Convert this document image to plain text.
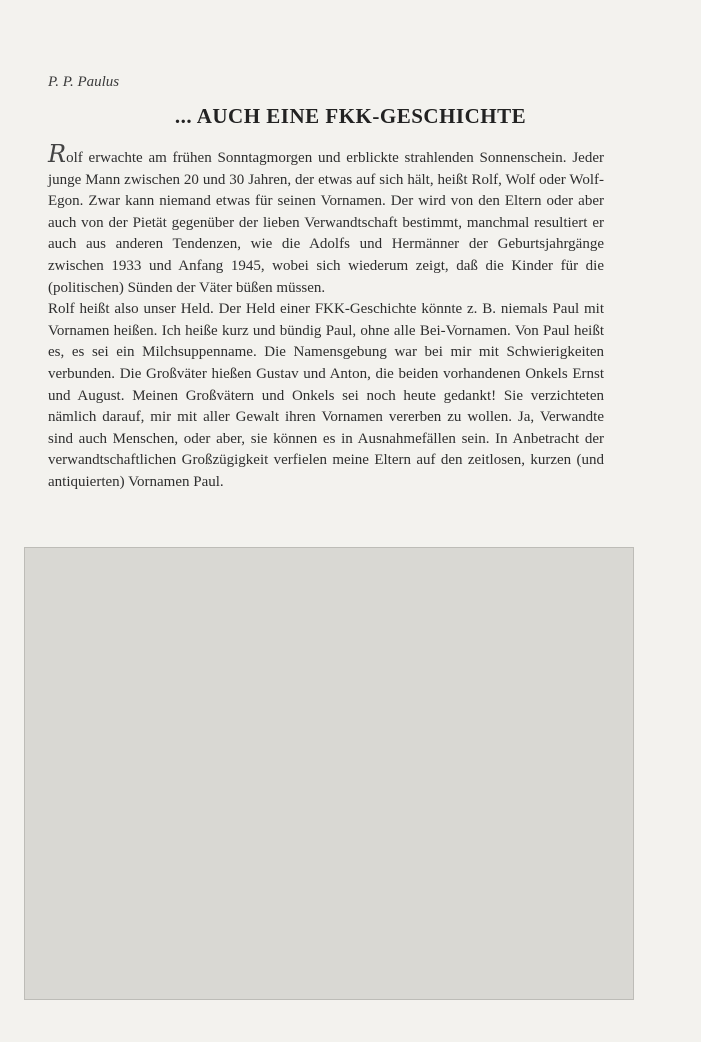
P. P. Paulus
... AUCH EINE FKK-GESCHICHTE

Rolf erwachte am frühen Sonntagmorgen und erblickte strahlenden Sonnenschein. Jeder junge Mann zwischen 20 und 30 Jahren, der etwas auf sich hält, heißt Rolf, Wolf oder Wolf-Egon. Zwar kann niemand etwas für seinen Vornamen. Der wird von den Eltern oder aber auch von der Pietät gegenüber der lieben Verwandtschaft bestimmt, manchmal resultiert er auch aus anderen Tendenzen, wie die Adolfs und Hermänner der Geburtsjahrgänge zwischen 1933 und Anfang 1945, wobei sich wiederum zeigt, daß die Kinder für die (politischen) Sünden der Väter büßen müssen.

Rolf heißt also unser Held. Der Held einer FKK-Geschichte könnte z. B. niemals Paul mit Vornamen heißen. Ich heiße kurz und bündig Paul, ohne alle Bei-Vornamen. Von Paul heißt es, es sei ein Milchsuppenname. Die Namensgebung war bei mir mit Schwierigkeiten verbunden. Die Großväter hießen Gustav und Anton, die beiden vorhandenen Onkels Ernst und August. Meinen Großvätern und Onkels sei noch heute gedankt! Sie verzichteten nämlich darauf, mir mit aller Gewalt ihren Vornamen vererben zu wollen. Ja, Verwandte sind auch Menschen, oder aber, sie können es in Ausnahmefällen sein. In Anbetracht der verwandtschaftlichen Großzügigkeit verfielen meine Eltern auf den zeitlosen, kurzen (und antiquierten) Vornamen Paul.
